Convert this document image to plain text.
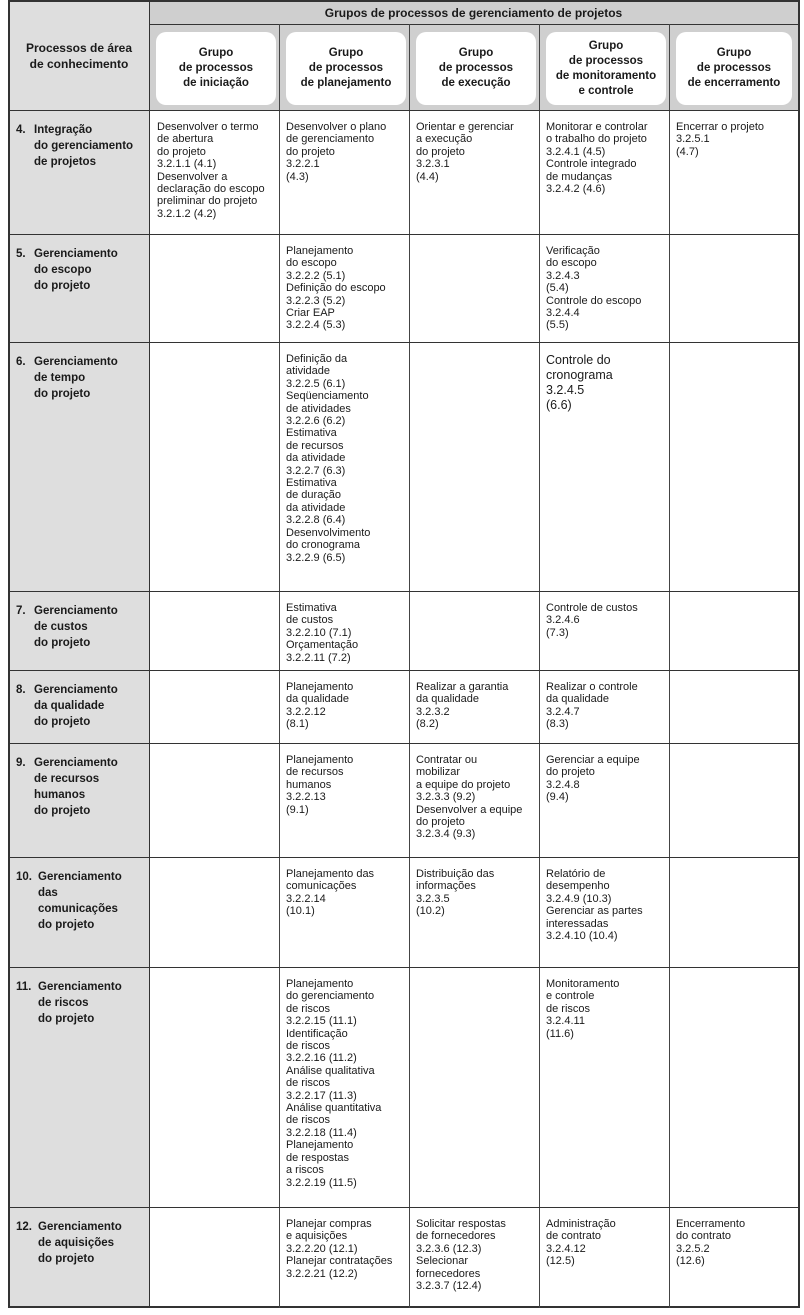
Grupos de processos de gerenciamento de projetos
Processos de área
de conhecimento
Grupo
de processos
de iniciação
Grupo
de processos
de planejamento
Grupo
de processos
de execução
Grupo
de processos
de monitoramento
e controle
Grupo
de processos
de encerramento
4. Integração
do gerenciamento
de projetos
Desenvolver o termo
de abertura
do projeto
3.2.1.1 (4.1)
Desenvolver a
declaração do escopo
preliminar do projeto
3.2.1.2 (4.2)
Desenvolver o plano
de gerenciamento
do projeto
3.2.2.1
(4.3)
Orientar e gerenciar
a execução
do projeto
3.2.3.1
(4.4)
Monitorar e controlar
o trabalho do projeto
3.2.4.1 (4.5)
Controle integrado
de mudanças
3.2.4.2 (4.6)
Encerrar o projeto
3.2.5.1
(4.7)
5. Gerenciamento
do escopo
do projeto
Planejamento
do escopo
3.2.2.2 (5.1)
Definição do escopo
3.2.2.3 (5.2)
Criar EAP
3.2.2.4 (5.3)
Verificação
do escopo
3.2.4.3
(5.4)
Controle do escopo
3.2.4.4
(5.5)
6. Gerenciamento
de tempo
do projeto
Definição da
atividade
3.2.2.5 (6.1)
Seqüenciamento
de atividades
3.2.2.6 (6.2)
Estimativa
de recursos
da atividade
3.2.2.7 (6.3)
Estimativa
de duração
da atividade
3.2.2.8 (6.4)
Desenvolvimento
do cronograma
3.2.2.9 (6.5)
Controle do
cronograma
3.2.4.5
(6.6)
7. Gerenciamento
de custos
do projeto
Estimativa
de custos
3.2.2.10 (7.1)
Orçamentação
3.2.2.11 (7.2)
Controle de custos
3.2.4.6
(7.3)
8. Gerenciamento
da qualidade
do projeto
Planejamento
da qualidade
3.2.2.12
(8.1)
Realizar a garantia
da qualidade
3.2.3.2
(8.2)
Realizar o controle
da qualidade
3.2.4.7
(8.3)
9. Gerenciamento
de recursos
humanos
do projeto
Planejamento
de recursos
humanos
3.2.2.13
(9.1)
Contratar ou
mobilizar
a equipe do projeto
3.2.3.3 (9.2)
Desenvolver a equipe
do projeto
3.2.3.4 (9.3)
Gerenciar a equipe
do projeto
3.2.4.8
(9.4)
10. Gerenciamento
das
comunicações
do projeto
Planejamento das
comunicações
3.2.2.14
(10.1)
Distribuição das
informações
3.2.3.5
(10.2)
Relatório de
desempenho
3.2.4.9 (10.3)
Gerenciar as partes
interessadas
3.2.4.10 (10.4)
11. Gerenciamento
de riscos
do projeto
Planejamento
do gerenciamento
de riscos
3.2.2.15 (11.1)
Identificação
de riscos
3.2.2.16 (11.2)
Análise qualitativa
de riscos
3.2.2.17 (11.3)
Análise quantitativa
de riscos
3.2.2.18 (11.4)
Planejamento
de respostas
a riscos
3.2.2.19 (11.5)
Monitoramento
e controle
de riscos
3.2.4.11
(11.6)
12. Gerenciamento
de aquisições
do projeto
Planejar compras
e aquisições
3.2.2.20 (12.1)
Planejar contratações
3.2.2.21 (12.2)
Solicitar respostas
de fornecedores
3.2.3.6 (12.3)
Selecionar
fornecedores
3.2.3.7 (12.4)
Administração
de contrato
3.2.4.12
(12.5)
Encerramento
do contrato
3.2.5.2
(12.6)
